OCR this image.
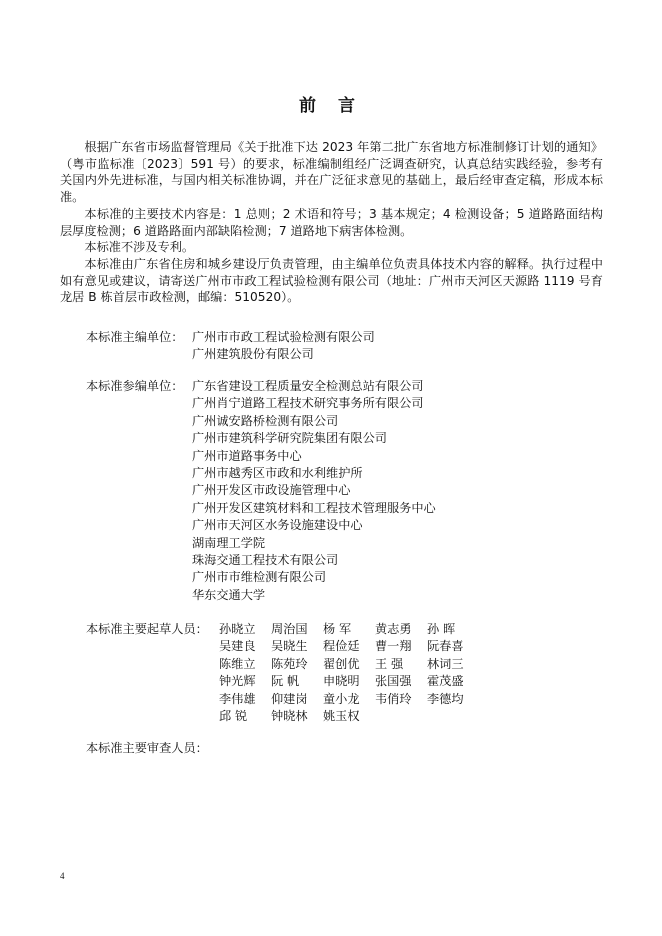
前 言

根据广东省市场监督管理局《关于批准下达 2023 年第二批广东省地方标准制修订计划的通知》（粤市监标准〔2023〕591 号）的要求，标准编制组经广泛调查研究，认真总结实践经验，参考有关国内外先进标准，与国内相关标准协调，并在广泛征求意见的基础上，最后经审查定稿，形成本标准。

本标准的主要技术内容是：1 总则；2 术语和符号；3 基本规定；4 检测设备；5 道路路面结构层厚度检测；6 道路路面内部缺陷检测；7 道路地下病害体检测。

本标准不涉及专利。

本标准由广东省住房和城乡建设厅负责管理，由主编单位负责具体技术内容的解释。执行过程中如有意见或建议，请寄送广州市市政工程试验检测有限公司（地址：广州市天河区天源路 1119 号育龙居 B 栋首层市政检测，邮编：510520）。

本标准主编单位： 广州市市政工程试验检测有限公司
广州建筑股份有限公司
本标准参编单位： 广东省建设工程质量安全检测总站有限公司
广州肖宁道路工程技术研究事务所有限公司
广州诚安路桥检测有限公司
广州市建筑科学研究院集团有限公司
广州市道路事务中心
广州市越秀区市政和水利维护所
广州开发区市政设施管理中心
广州开发区建筑材料和工程技术管理服务中心
广州市天河区水务设施建设中心
湖南理工学院
珠海交通工程技术有限公司
广州市市维检测有限公司
华东交通大学
本标准主要起草人员： 孙晓立	周治国	杨 军	黄志勇	孙 晖
吴建良	吴晓生	程俭廷	曹一翔	阮春喜
陈维立	陈苑玲	翟创优	王 强	林词三
钟光辉	阮 帆	申晓明	张国强	霍茂盛
李伟雄	仰建岗	童小龙	韦俏玲	李德均
邱 锐	钟晓林	姚玉权
本标准主要审查人员：
4
